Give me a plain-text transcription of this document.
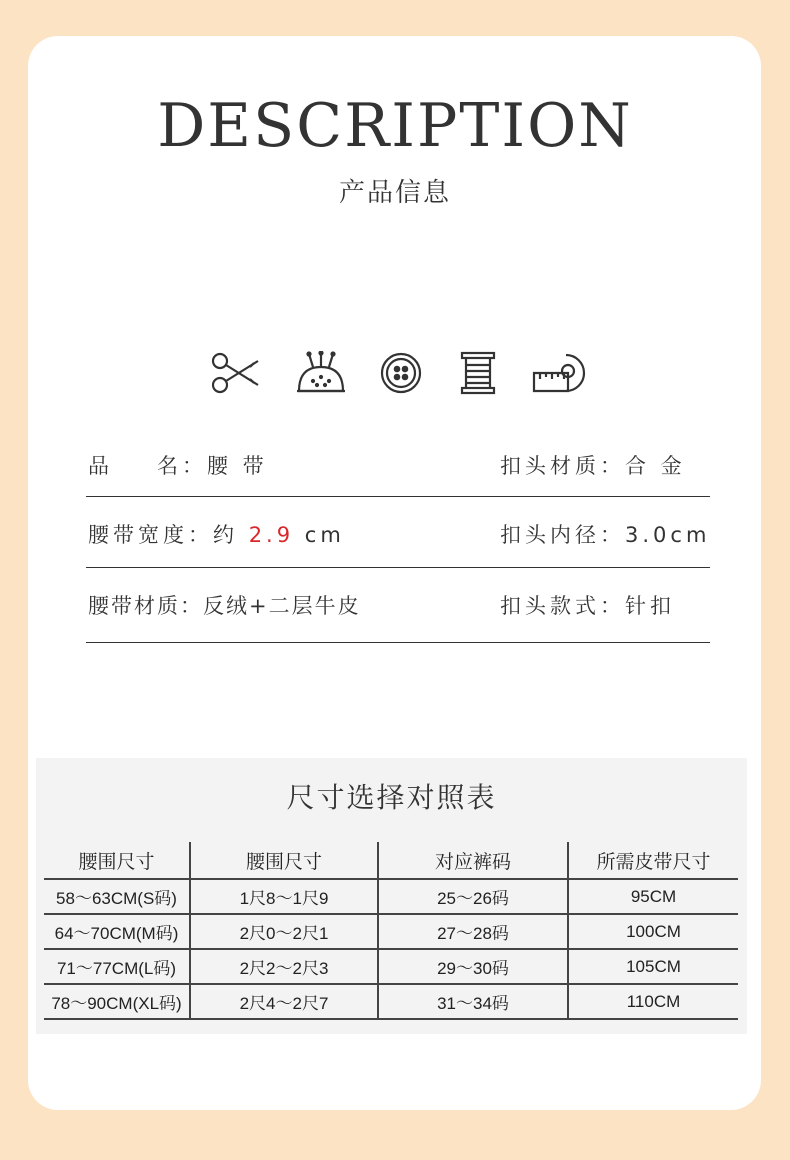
DESCRIPTION
产品信息
品 名：腰 带	扣头材质：合 金
腰带宽度：约 2.9 cm	扣头内径：3.0cm
腰带材质：反绒+二层牛皮	扣头款式：针扣
尺寸选择对照表
腰围尺寸	腰围尺寸	对应裤码	所需皮带尺寸
58～63CM(S码)	1尺8～1尺9	25～26码	95CM
64～70CM(M码)	2尺0～2尺1	27～28码	100CM
71～77CM(L码)	2尺2～2尺3	29～30码	105CM
78～90CM(XL码)	2尺4～2尺7	31～34码	110CM
